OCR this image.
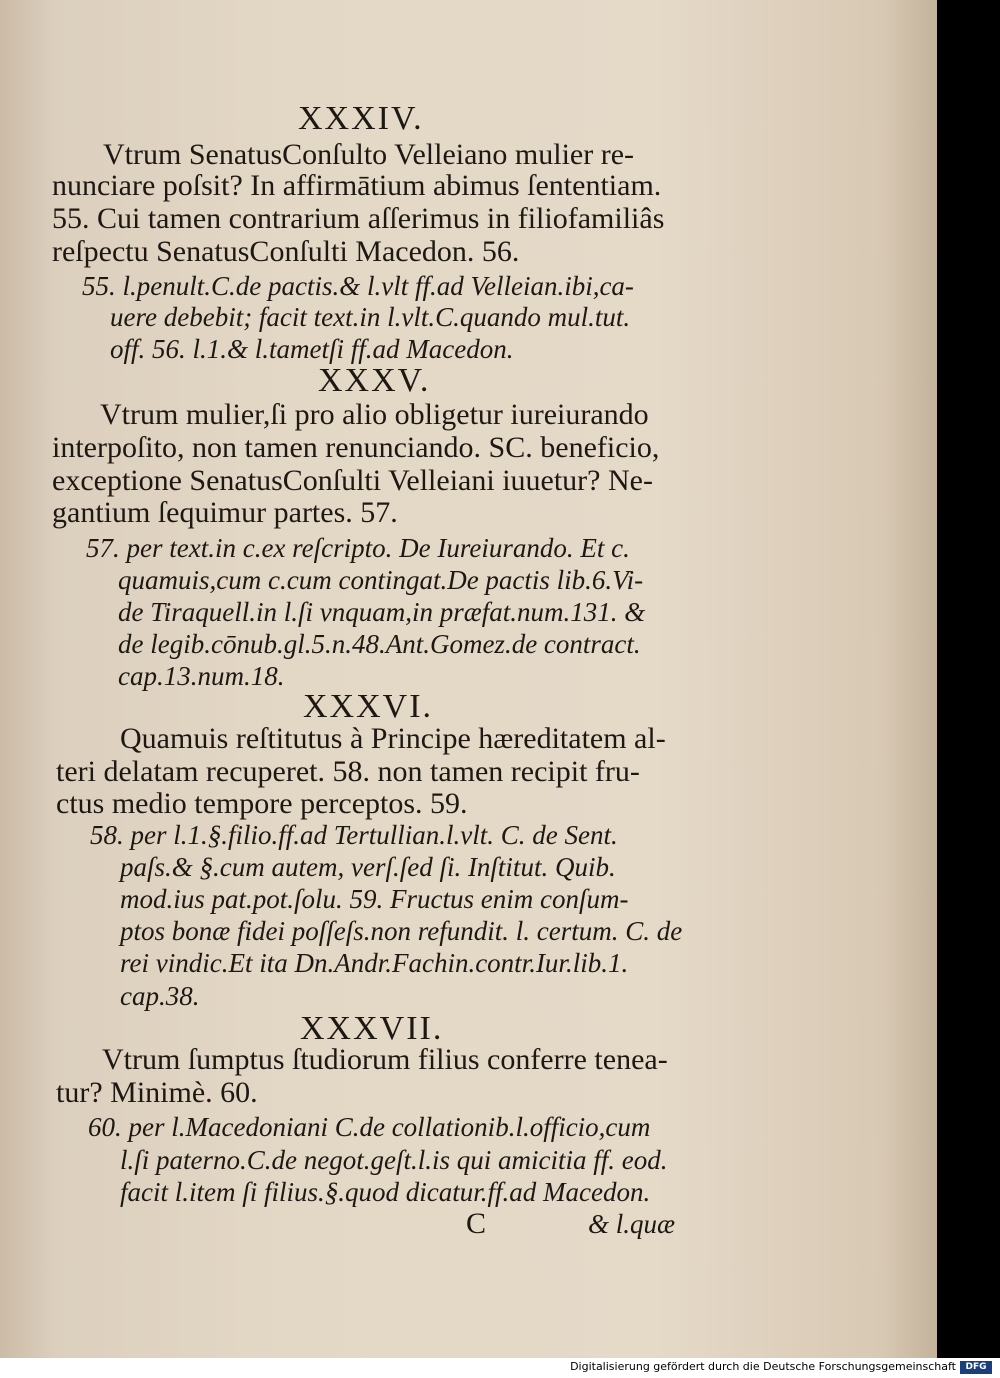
XXXIV.
Vtrum SenatusConſulto Velleiano mulier re-
nunciare poſsit? In affirmātium abimus ſententiam.
55. Cui tamen contrarium aſſerimus in filiofamiliâs
reſpectu SenatusConſulti Macedon. 56.
55. l.penult.C.de pactis.& l.vlt ff.ad Velleian.ibi,ca-
uere debebit; facit text.in l.vlt.C.quando mul.tut.
off. 56. l.1.& l.tametſi ff.ad Macedon.
XXXV.
Vtrum mulier,ſi pro alio obligetur iureiurando
interpoſito, non tamen renunciando. SC. beneficio,
exceptione SenatusConſulti Velleiani iuuetur? Ne-
gantium ſequimur partes. 57.
57. per text.in c.ex reſcripto. De Iureiurando. Et c.
quamuis,cum c.cum contingat.De pactis lib.6.Vi-
de Tiraquell.in l.ſi vnquam,in præfat.num.131. &
de legib.cōnub.gl.5.n.48.Ant.Gomez.de contract.
cap.13.num.18.
XXXVI.
Quamuis reſtitutus à Principe hæreditatem al-
teri delatam recuperet. 58. non tamen recipit fru-
ctus medio tempore perceptos. 59.
58. per l.1.§.filio.ff.ad Tertullian.l.vlt. C. de Sent.
paſs.& §.cum autem, verſ.ſed ſi. Inſtitut. Quib.
mod.ius pat.pot.ſolu. 59. Fructus enim conſum-
ptos bonæ fidei poſſeſs.non refundit. l. certum. C. de
rei vindic.Et ita Dn.Andr.Fachin.contr.Iur.lib.1.
cap.38.
XXXVII.
Vtrum ſumptus ſtudiorum filius conferre tenea-
tur? Minimè. 60.
60. per l.Macedoniani C.de collationib.l.officio,cum
l.ſi paterno.C.de negot.geſt.l.is qui amicitia ff. eod.
facit l.item ſi filius.§.quod dicatur.ff.ad Macedon.
C	& l.quæ
Digitalisierung gefördert durch die Deutsche Forschungsgemeinschaft	DFG
